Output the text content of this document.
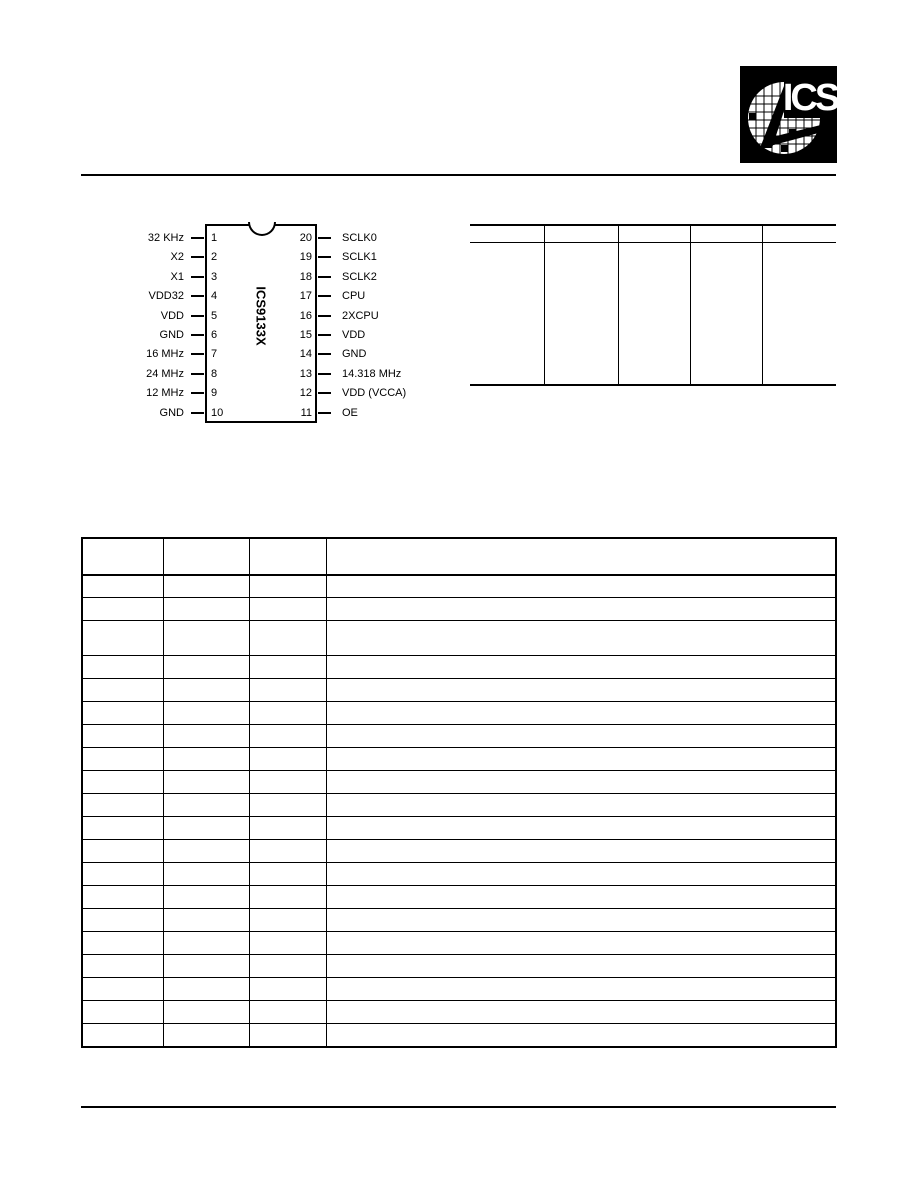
ICS
ICS9133X
32 KHz 1
X2 2
X1 3
VDD32 4
VDD 5
GND 6
16 MHz 7
24 MHz 8
12 MHz 9
GND 10
20	SCLK0
19	SCLK1
18	SCLK2
17	CPU
16	2XCPU
15	VDD
14	GND
13	14.318 MHz
12	VDD (VCCA)
11	OE
